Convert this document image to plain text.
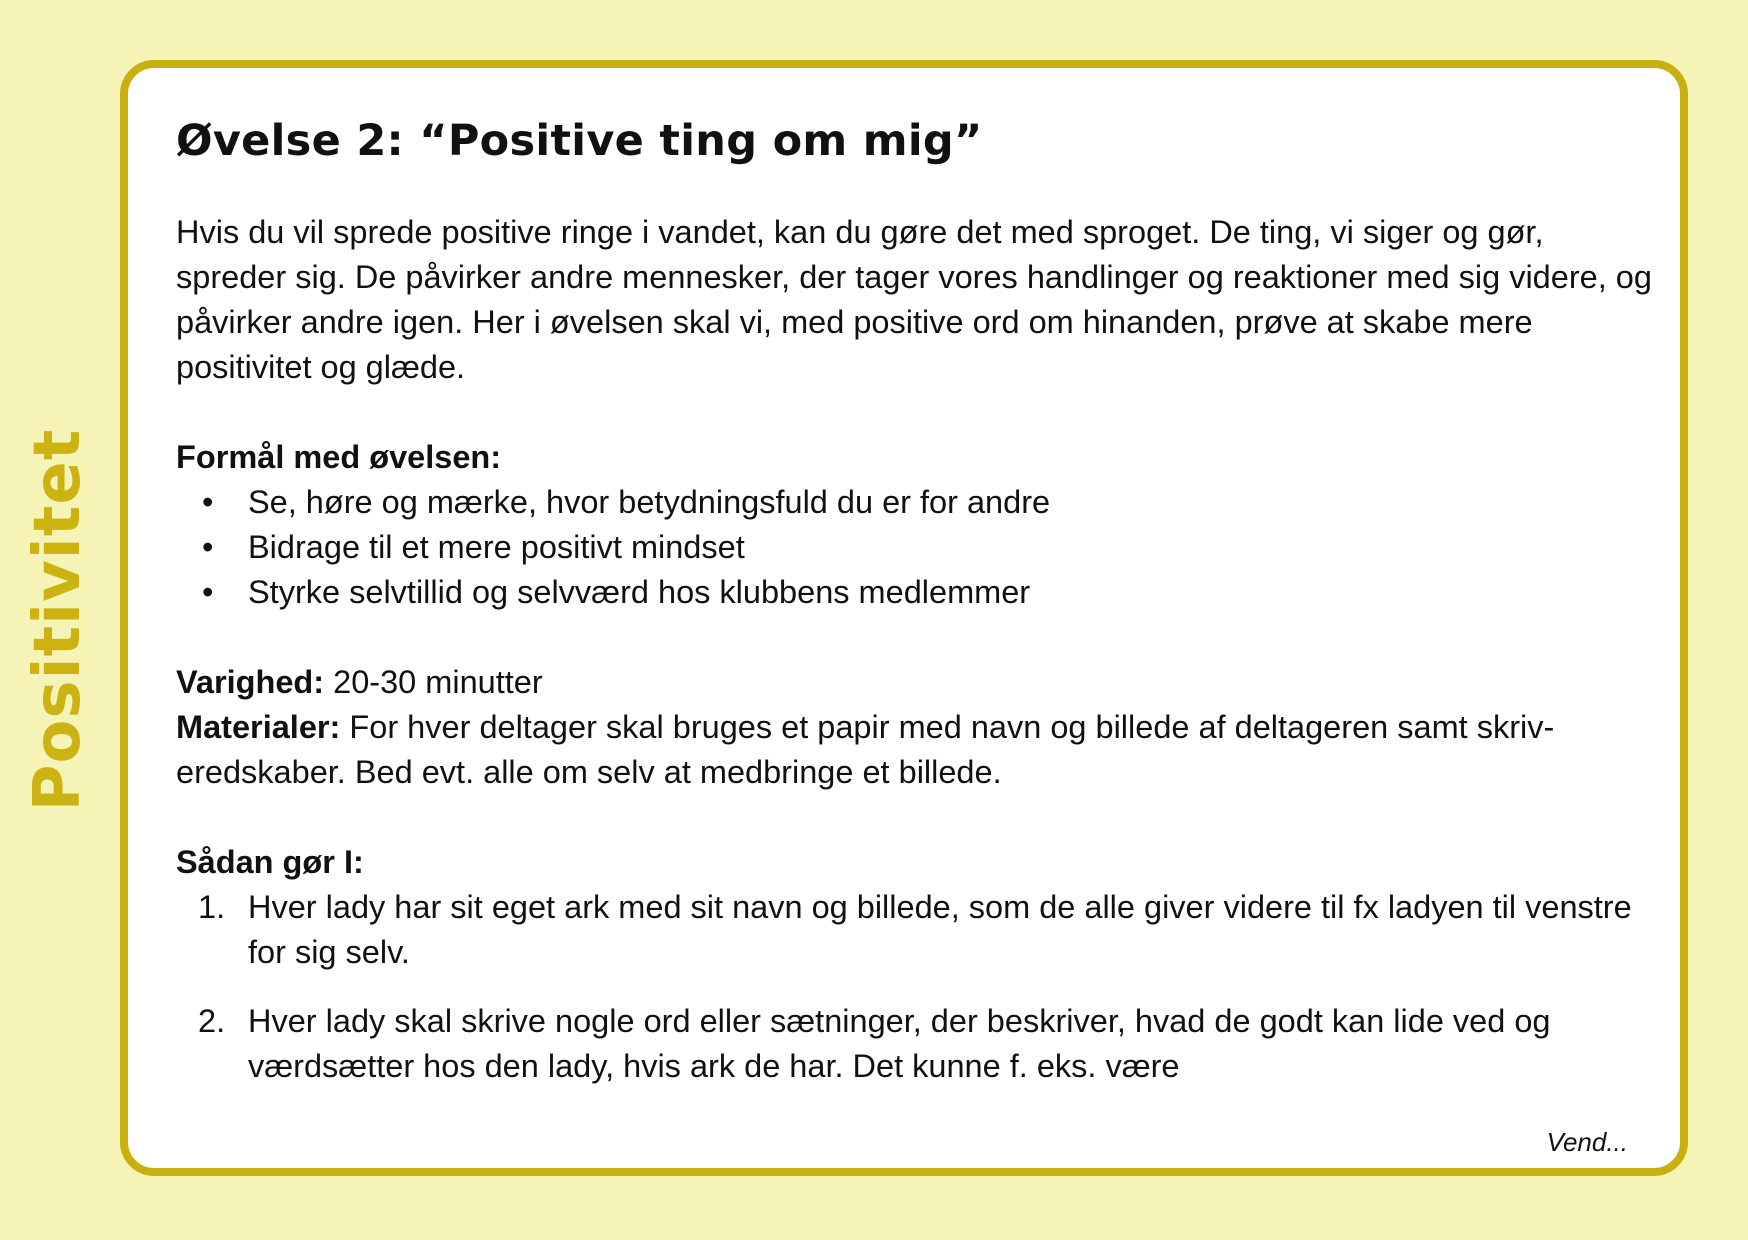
Positivitet
Øvelse 2: “Positive ting om mig”

Hvis du vil sprede positive ringe i vandet, kan du gøre det med sproget. De ting, vi siger og gør, spreder sig. De påvirker andre mennesker, der tager vores handlinger og reaktioner med sig videre, og påvirker andre igen. Her i øvelsen skal vi, med positive ord om hinanden, prøve at skabe mere positivitet og glæde.

Formål med øvelsen:
• Se, høre og mærke, hvor betydningsfuld du er for andre
• Bidrage til et mere positivt mindset
• Styrke selvtillid og selvværd hos klubbens medlemmer

Varighed: 20-30 minutter

Materialer: For hver deltager skal bruges et papir med navn og billede af deltageren samt skriv-eredskaber. Bed evt. alle om selv at medbringe et billede.

Sådan gør I:
1. Hver lady har sit eget ark med sit navn og billede, som de alle giver videre til fx ladyen til venstre for sig selv.
2. Hver lady skal skrive nogle ord eller sætninger, der beskriver, hvad de godt kan lide ved og værdsætter hos den lady, hvis ark de har. Det kunne f. eks. være
Vend...
